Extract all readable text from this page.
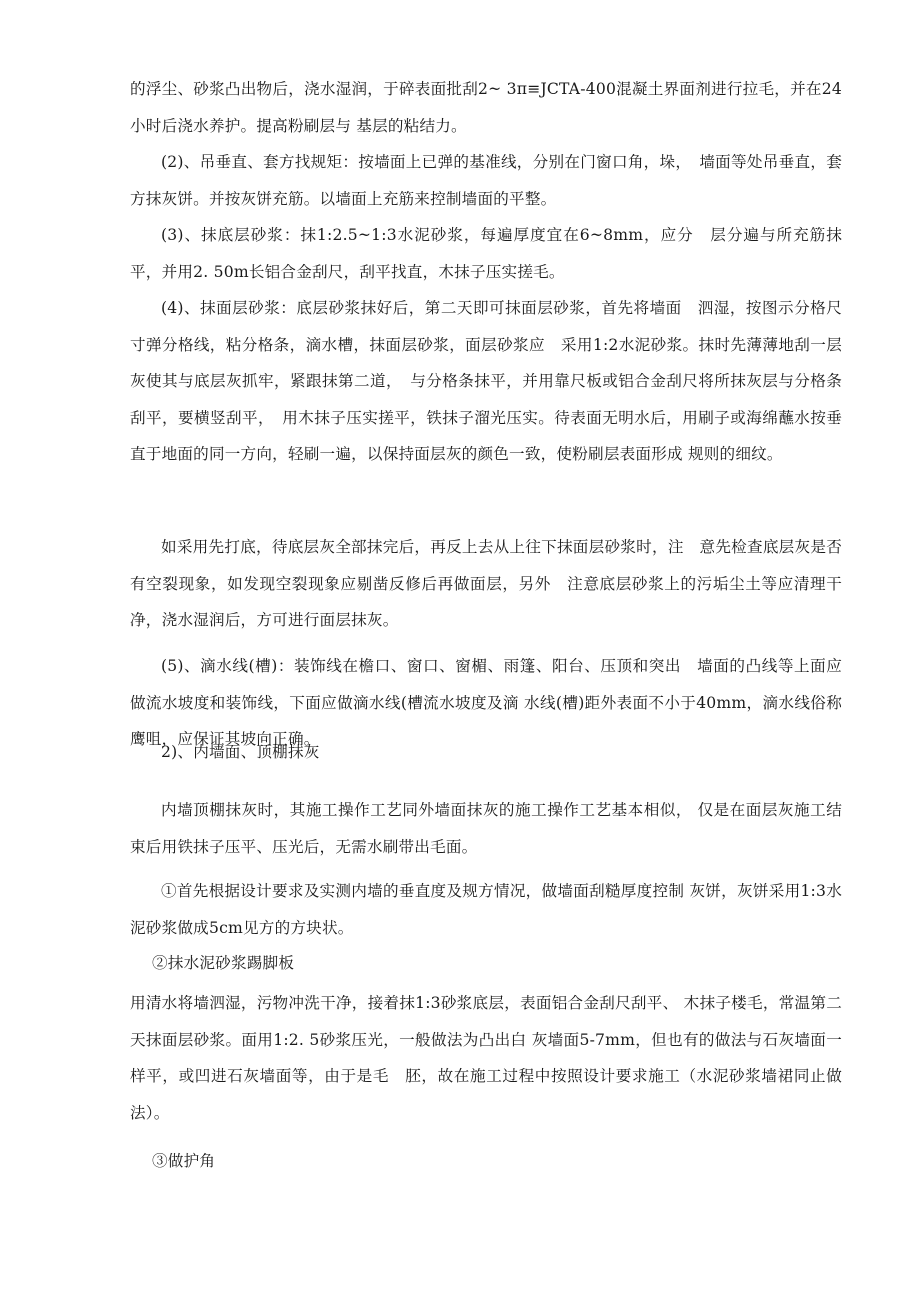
的浮尘、砂浆凸出物后，浇水湿润，于碎表面批刮2~ 3π≡JCTA-400混凝土界面剂进行拉毛，并在24小时后浇水养护。提高粉刷层与 基层的粘结力。

(2)、吊垂直、套方找规矩：按墙面上已弹的基准线，分别在门窗口角，垛，　墙面等处吊垂直，套方抹灰饼。并按灰饼充筋。以墙面上充筋来控制墙面的平整。

(3)、抹底层砂浆：抹1:2.5~1:3水泥砂浆，每遍厚度宜在6~8mm，应分　层分遍与所充筋抹平，并用2. 50m长铝合金刮尺，刮平找直，木抹子压实搓毛。

(4)、抹面层砂浆：底层砂浆抹好后，第二天即可抹面层砂浆，首先将墙面　泗湿，按图示分格尺寸弹分格线，粘分格条，滴水槽，抹面层砂浆，面层砂浆应　采用1:2水泥砂浆。抹时先薄薄地刮一层灰使其与底层灰抓牢，紧跟抹第二道，　与分格条抹平，并用靠尺板或铝合金刮尺将所抹灰层与分格条刮平，要横竖刮平，　用木抹子压实搓平，铁抹子溜光压实。待表面无明水后，用刷子或海绵蘸水按垂　直于地面的同一方向，轻刷一遍，以保持面层灰的颜色一致，使粉刷层表面形成 规则的细纹。

如采用先打底，待底层灰全部抹完后，再反上去从上往下抹面层砂浆时，注　意先检查底层灰是否有空裂现象，如发现空裂现象应剔凿反修后再做面层，另外　注意底层砂浆上的污垢尘土等应清理干净，浇水湿润后，方可进行面层抹灰。

(5)、滴水线(槽)：装饰线在檐口、窗口、窗楣、雨篷、阳台、压顶和突出　墙面的凸线等上面应做流水坡度和装饰线，下面应做滴水线(槽流水坡度及滴 水线(槽)距外表面不小于40mm，滴水线俗称鹰咀，应保证其坡向正确。

2)、内墙面、顶棚抹灰

内墙顶棚抹灰时，其施工操作工艺同外墙面抹灰的施工操作工艺基本相似， 仅是在面层灰施工结束后用铁抹子压平、压光后，无需水刷带出毛面。

①首先根据设计要求及实测内墙的垂直度及规方情况，做墙面刮糙厚度控制 灰饼，灰饼采用1:3水泥砂浆做成5cm见方的方块状。

②抹水泥砂浆踢脚板

用清水将墙泗湿，污物冲洗干净，接着抹1:3砂浆底层，表面铝合金刮尺刮平、 木抹子楼毛，常温第二天抹面层砂浆。面用1:2. 5砂浆压光，一般做法为凸出白 灰墙面5-7mm，但也有的做法与石灰墙面一样平，或凹进石灰墙面等，由于是毛　胚，故在施工过程中按照设计要求施工（水泥砂浆墙裙同止做法）。

③做护角
